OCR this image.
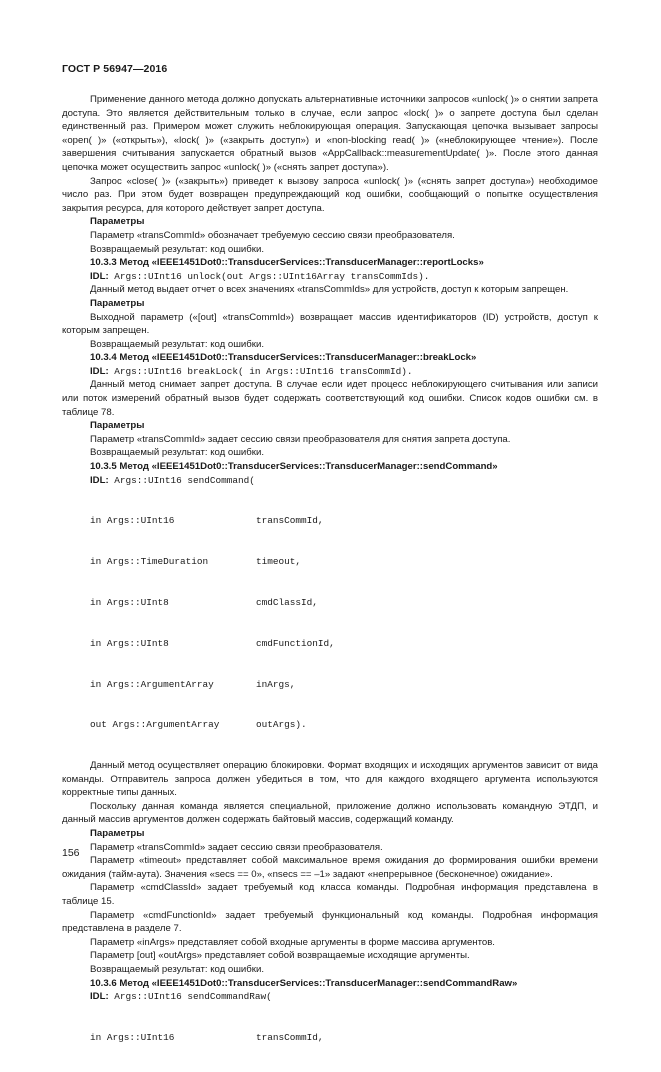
ГОСТ Р 56947—2016
Применение данного метода должно допускать альтернативные источники запросов «unlock( )» о снятии запрета доступа. Это является действительным только в случае, если запрос «lock( )» о запрете доступа был сделан единственный раз. Примером может служить неблокирующая операция. Запускающая цепочка вызывает запросы «open( )» («открыть»), «lock( )» («закрыть доступ») и «non-blocking read( )» («неблокирующее чтение»). После завершения считывания запускается обратный вызов «AppCallback::measurementUpdate( )». После этого данная цепочка может осуществить запрос «unlock( )» («снять запрет доступа»).
Запрос «close( )» («закрыть») приведет к вызову запроса «unlock( )» («снять запрет доступа») необходимое число раз. При этом будет возвращен предупреждающий код ошибки, сообщающий о попытке осуществления закрытия ресурса, для которого действует запрет доступа.
Параметры
Параметр «transCommId» обозначает требуемую сессию связи преобразователя.
Возвращаемый результат: код ошибки.
10.3.3 Метод «IEEE1451Dot0::TransducerServices::TransducerManager::reportLocks»
IDL: Args::UInt16 unlock(out Args::UInt16Array transCommIds).
Данный метод выдает отчет о всех значениях «transCommIds» для устройств, доступ к которым запрещен.
Параметры
Выходной параметр («[out] «transCommId») возвращает массив идентификаторов (ID) устройств, доступ к которым запрещен.
Возвращаемый результат: код ошибки.
10.3.4 Метод «IEEE1451Dot0::TransducerServices::TransducerManager::breakLock»
IDL: Args::UInt16 breakLock( in Args::UInt16 transCommId).
Данный метод снимает запрет доступа. В случае если идет процесс неблокирующего считывания или записи или поток измерений обратный вызов будет содержать соответствующий код ошибки. Список кодов ошибки см. в таблице 78.
Параметры
Параметр «transCommId» задает сессию связи преобразователя для снятия запрета доступа.
Возвращаемый результат: код ошибки.
10.3.5 Метод «IEEE1451Dot0::TransducerServices::TransducerManager::sendCommand»
IDL: Args::UInt16 sendCommand(

in Args::UInt16	transCommId,

in Args::TimeDuration	timeout,

in Args::UInt8	cmdClassId,

in Args::UInt8	cmdFunctionId,

in Args::ArgumentArray	inArgs,

out Args::ArgumentArray	outArgs).

Данный метод осуществляет операцию блокировки. Формат входящих и исходящих аргументов зависит от вида команды. Отправитель запроса должен убедиться в том, что для каждого входящего аргумента используются корректные типы данных.
Поскольку данная команда является специальной, приложение должно использовать командную ЭТДП, и данный массив аргументов должен содержать байтовый массив, содержащий команду.
Параметры
Параметр «transCommId» задает сессию связи преобразователя.
Параметр «timeout» представляет собой максимальное время ожидания до формирования ошибки времени ожидания (тайм-аута). Значения «secs == 0», «nsecs == –1» задают «непрерывное (бесконечное) ожидание».
Параметр «cmdClassId» задает требуемый код класса команды. Подробная информация представлена в таблице 15.
Параметр «cmdFunctionId» задает требуемый функциональный код команды. Подробная информация представлена в разделе 7.
Параметр «inArgs» представляет собой входные аргументы в форме массива аргументов.
Параметр [out] «outArgs» представляет собой возвращаемые исходящие аргументы.
Возвращаемый результат: код ошибки.
10.3.6 Метод «IEEE1451Dot0::TransducerServices::TransducerManager::sendCommandRaw»
IDL: Args::UInt16 sendCommandRaw(

in Args::UInt16	transCommId,

156
